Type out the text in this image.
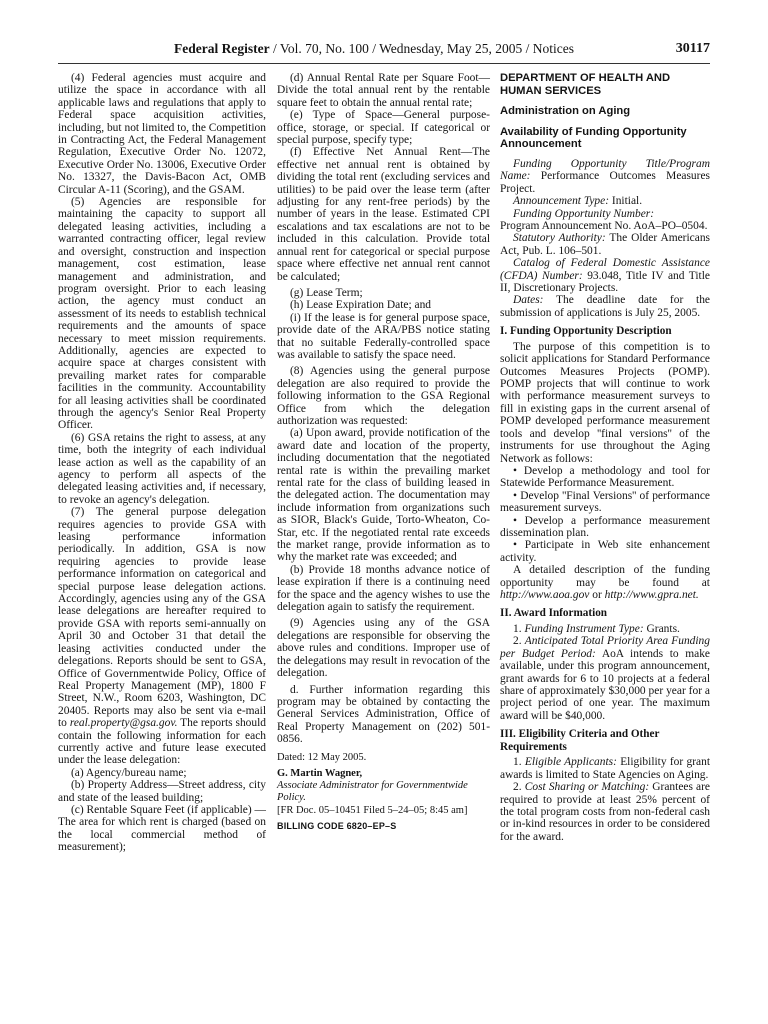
Federal Register / Vol. 70, No. 100 / Wednesday, May 25, 2005 / Notices	30117

(4) Federal agencies must acquire and utilize the space in accordance with all applicable laws and regulations that apply to Federal space acquisition activities, including, but not limited to, the Competition in Contracting Act, the Federal Management Regulation, Executive Order No. 12072, Executive Order No. 13006, Executive Order No. 13327, the Davis-Bacon Act, OMB Circular A-11 (Scoring), and the GSAM.

(5) Agencies are responsible for maintaining the capacity to support all delegated leasing activities, including a warranted contracting officer, legal review and oversight, construction and inspection management, cost estimation, lease management and administration, and program oversight. Prior to each leasing action, the agency must conduct an assessment of its needs to establish technical requirements and the amounts of space necessary to meet mission requirements. Additionally, agencies are expected to acquire space at charges consistent with prevailing market rates for comparable facilities in the community. Accountability for all leasing activities shall be coordinated through the agency's Senior Real Property Officer.

(6) GSA retains the right to assess, at any time, both the integrity of each individual lease action as well as the capability of an agency to perform all aspects of the delegated leasing activities and, if necessary, to revoke an agency's delegation.

(7) The general purpose delegation requires agencies to provide GSA with leasing performance information periodically. In addition, GSA is now requiring agencies to provide lease performance information on categorical and special purpose lease delegation actions. Accordingly, agencies using any of the GSA lease delegations are hereafter required to provide GSA with reports semi-annually on April 30 and October 31 that detail the leasing activities conducted under the delegations. Reports should be sent to GSA, Office of Governmentwide Policy, Office of Real Property Management (MP), 1800 F Street, N.W., Room 6203, Washington, DC 20405. Reports may also be sent via e-mail to real.property@gsa.gov. The reports should contain the following information for each currently active and future lease executed under the lease delegation:

(a) Agency/bureau name;

(b) Property Address—Street address, city and state of the leased building;

(c) Rentable Square Feet (if applicable) —The area for which rent is charged (based on the local commercial method of measurement);

(d) Annual Rental Rate per Square Foot—Divide the total annual rent by the rentable square feet to obtain the annual rental rate;

(e) Type of Space—General purpose-office, storage, or special. If categorical or special purpose, specify type;

(f) Effective Net Annual Rent—The effective net annual rent is obtained by dividing the total rent (excluding services and utilities) to be paid over the lease term (after adjusting for any rent-free periods) by the number of years in the lease. Estimated CPI escalations and tax escalations are not to be included in this calculation. Provide total annual rent for categorical or special purpose space where effective net annual rent cannot be calculated;

(g) Lease Term;

(h) Lease Expiration Date; and

(i) If the lease is for general purpose space, provide date of the ARA/PBS notice stating that no suitable Federally-controlled space was available to satisfy the space need.

(8) Agencies using the general purpose delegation are also required to provide the following information to the GSA Regional Office from which the delegation authorization was requested:

(a) Upon award, provide notification of the award date and location of the property, including documentation that the negotiated rental rate is within the prevailing market rental rate for the class of building leased in the delegated action. The documentation may include information from organizations such as SIOR, Black's Guide, Torto-Wheaton, Co-Star, etc. If the negotiated rental rate exceeds the market range, provide information as to why the market rate was exceeded; and

(b) Provide 18 months advance notice of lease expiration if there is a continuing need for the space and the agency wishes to use the delegation again to satisfy the requirement.

(9) Agencies using any of the GSA delegations are responsible for observing the above rules and conditions. Improper use of the delegations may result in revocation of the delegation.

d. Further information regarding this program may be obtained by contacting the General Services Administration, Office of Real Property Management on (202) 501-0856.

Dated: 12 May 2005.

G. Martin Wagner,

Associate Administrator for Governmentwide Policy.

[FR Doc. 05–10451 Filed 5–24–05; 8:45 am]

BILLING CODE 6820–EP–S

DEPARTMENT OF HEALTH AND HUMAN SERVICES

Administration on Aging

Availability of Funding Opportunity Announcement

Funding Opportunity Title/Program Name: Performance Outcomes Measures Project.

Announcement Type: Initial.

Funding Opportunity Number:

Program Announcement No. AoA–PO–0504.

Statutory Authority: The Older Americans Act, Pub. L. 106–501.

Catalog of Federal Domestic Assistance (CFDA) Number: 93.048, Title IV and Title II, Discretionary Projects.

Dates: The deadline date for the submission of applications is July 25, 2005.

I. Funding Opportunity Description

The purpose of this competition is to solicit applications for Standard Performance Outcomes Measures Projects (POMP). POMP projects that will continue to work with performance measurement surveys to fill in existing gaps in the current arsenal of POMP developed performance measurement tools and develop ''final versions'' of the instruments for use throughout the Aging Network as follows:

• Develop a methodology and tool for Statewide Performance Measurement.

• Develop ''Final Versions'' of performance measurement surveys.

• Develop a performance measurement dissemination plan.

• Participate in Web site enhancement activity.

A detailed description of the funding opportunity may be found at http://www.aoa.gov or http://www.gpra.net.

II. Award Information

1. Funding Instrument Type: Grants.

2. Anticipated Total Priority Area Funding per Budget Period: AoA intends to make available, under this program announcement, grant awards for 6 to 10 projects at a federal share of approximately $30,000 per year for a project period of one year. The maximum award will be $40,000.

III. Eligibility Criteria and Other Requirements

1. Eligible Applicants: Eligibility for grant awards is limited to State Agencies on Aging.

2. Cost Sharing or Matching: Grantees are required to provide at least 25% percent of the total program costs from non-federal cash or in-kind resources in order to be considered for the award.
